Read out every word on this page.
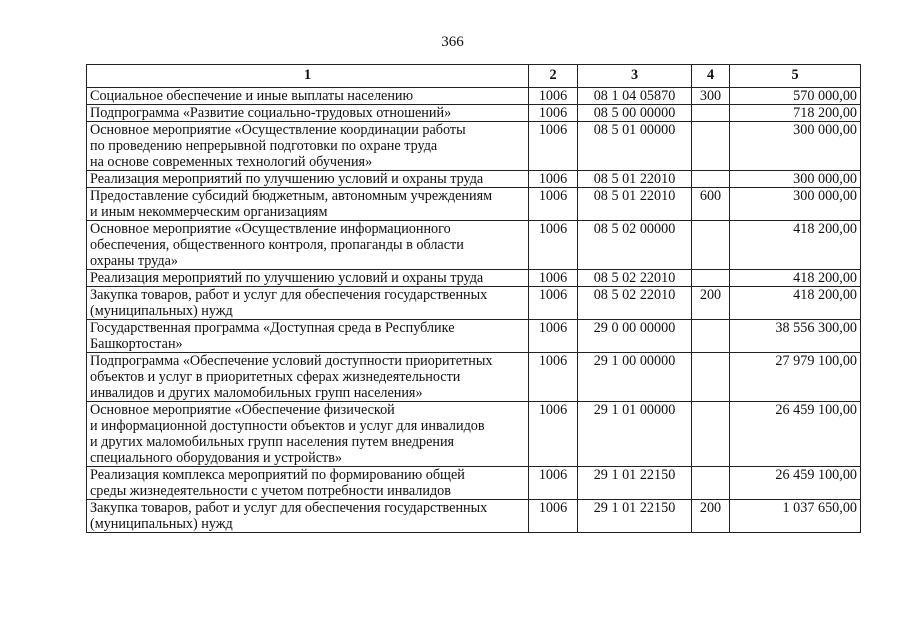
366
1	2	3	4	5
Социальное обеспечение и иные выплаты населению	1006	08 1 04 05870	300	570 000,00
Подпрограмма «Развитие социально-трудовых отношений»	1006	08 5 00 00000		718 200,00
Основное мероприятие «Осуществление координации работы
по проведению непрерывной подготовки по охране труда
на основе современных технологий обучения»	1006	08 5 01 00000		300 000,00
Реализация мероприятий по улучшению условий и охраны труда	1006	08 5 01 22010		300 000,00
Предоставление субсидий бюджетным, автономным учреждениям
и иным некоммерческим организациям	1006	08 5 01 22010	600	300 000,00
Основное мероприятие «Осуществление информационного
обеспечения, общественного контроля, пропаганды в области
охраны труда»	1006	08 5 02 00000		418 200,00
Реализация мероприятий по улучшению условий и охраны труда	1006	08 5 02 22010		418 200,00
Закупка товаров, работ и услуг для обеспечения государственных
(муниципальных) нужд	1006	08 5 02 22010	200	418 200,00
Государственная программа «Доступная среда в Республике
Башкортостан»	1006	29 0 00 00000		38 556 300,00
Подпрограмма «Обеспечение условий доступности приоритетных
объектов и услуг в приоритетных сферах жизнедеятельности
инвалидов и других маломобильных групп населения»	1006	29 1 00 00000		27 979 100,00
Основное мероприятие «Обеспечение физической
и информационной доступности объектов и услуг для инвалидов
и других маломобильных групп населения путем внедрения
специального оборудования и устройств»	1006	29 1 01 00000		26 459 100,00
Реализация комплекса мероприятий по формированию общей
среды жизнедеятельности с учетом потребности инвалидов	1006	29 1 01 22150		26 459 100,00
Закупка товаров, работ и услуг для обеспечения государственных
(муниципальных) нужд	1006	29 1 01 22150	200	1 037 650,00
